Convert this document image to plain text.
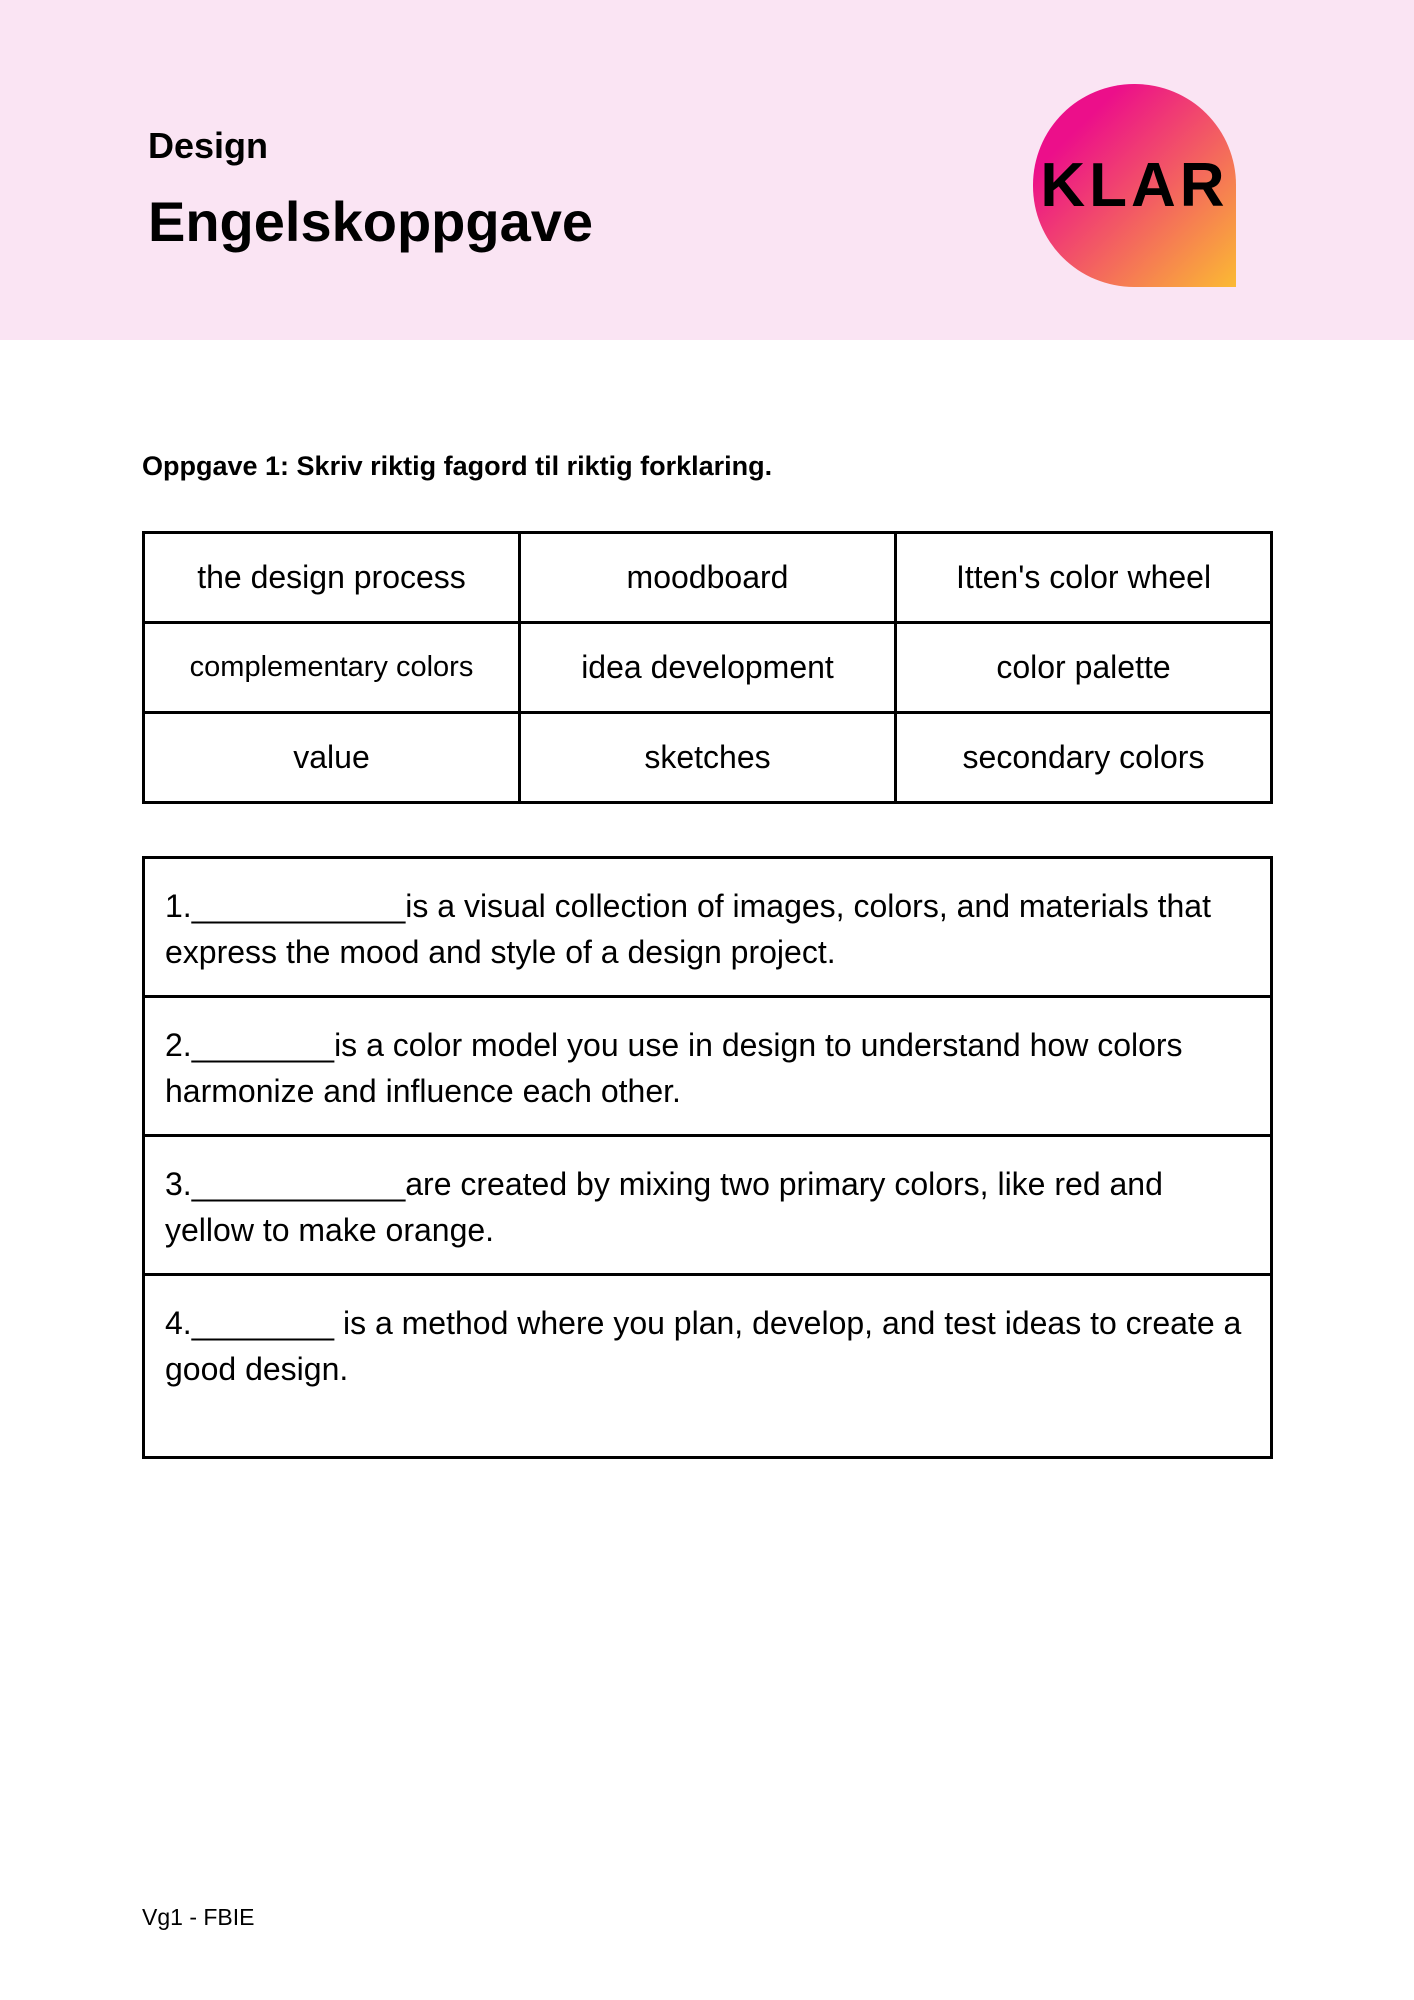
Design
Engelskoppgave
KLAR
Oppgave 1: Skriv riktig fagord til riktig forklaring.
the design process	moodboard	Itten's color wheel
complementary colors	idea development	color palette
value	sketches	secondary colors
1.____________is a visual collection of images, colors, and materials that express the mood and style of a design project.
2.________is a color model you use in design to understand how colors harmonize and influence each other.
3.____________are created by mixing two primary colors, like red and yellow to make orange.
4.________ is a method where you plan, develop, and test ideas to create a good design.
Vg1 - FBIE
